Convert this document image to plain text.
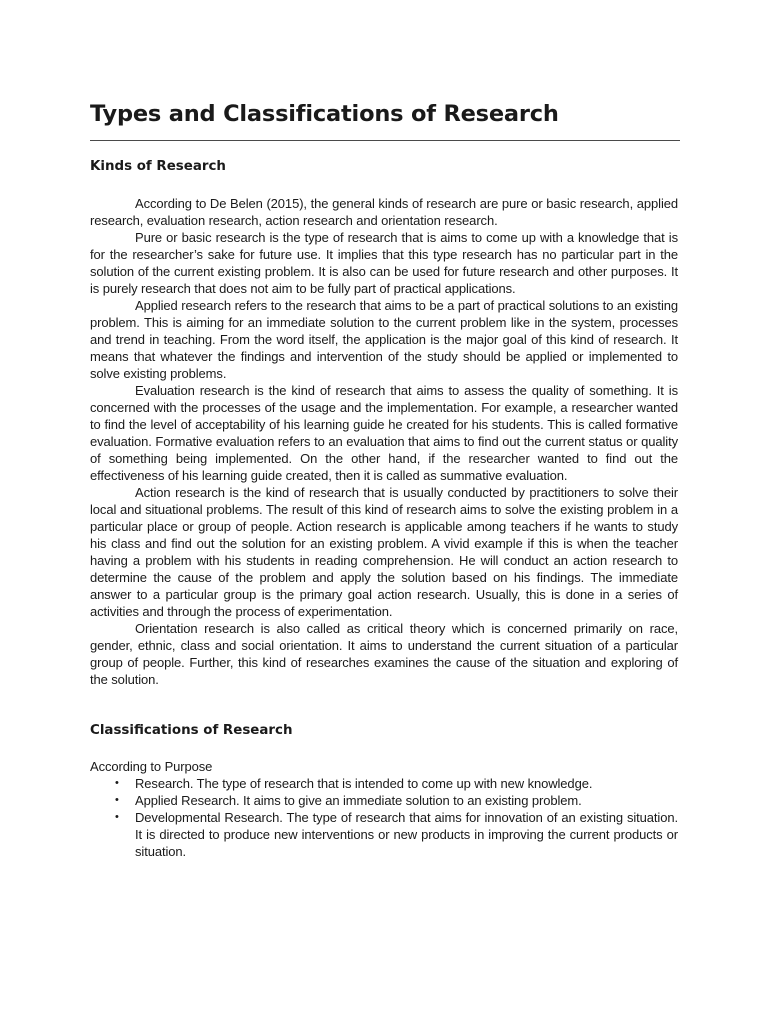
Types and Classifications of Research
Kinds of Research

According to De Belen (2015), the general kinds of research are pure or basic research, applied research, evaluation research, action research and orientation research.

Pure or basic research is the type of research that is aims to come up with a knowledge that is for the researcher’s sake for future use. It implies that this type research has no particular part in the solution of the current existing problem. It is also can be used for future research and other purposes. It is purely research that does not aim to be fully part of practical applications.

Applied research refers to the research that aims to be a part of practical solutions to an existing problem. This is aiming for an immediate solution to the current problem like in the system, processes and trend in teaching. From the word itself, the application is the major goal of this kind of research. It means that whatever the findings and intervention of the study should be applied or implemented to solve existing problems.

Evaluation research is the kind of research that aims to assess the quality of something. It is concerned with the processes of the usage and the implementation. For example, a researcher wanted to find the level of acceptability of his learning guide he created for his students. This is called formative evaluation. Formative evaluation refers to an evaluation that aims to find out the current status or quality of something being implemented. On the other hand, if the researcher wanted to find out the effectiveness of his learning guide created, then it is called as summative evaluation.

Action research is the kind of research that is usually conducted by practitioners to solve their local and situational problems. The result of this kind of research aims to solve the existing problem in a particular place or group of people. Action research is applicable among teachers if he wants to study his class and find out the solution for an existing problem. A vivid example if this is when the teacher having a problem with his students in reading comprehension. He will conduct an action research to determine the cause of the problem and apply the solution based on his findings. The immediate answer to a particular group is the primary goal action research. Usually, this is done in a series of activities and through the process of experimentation.

Orientation research is also called as critical theory which is concerned primarily on race, gender, ethnic, class and social orientation. It aims to understand the current situation of a particular group of people. Further, this kind of researches examines the cause of the situation and exploring of the solution.

Classifications of Research

According to Purpose

• Research. The type of research that is intended to come up with new knowledge.
• Applied Research. It aims to give an immediate solution to an existing problem.
• Developmental Research. The type of research that aims for innovation of an existing situation. It is directed to produce new interventions or new products in improving the current products or situation.
